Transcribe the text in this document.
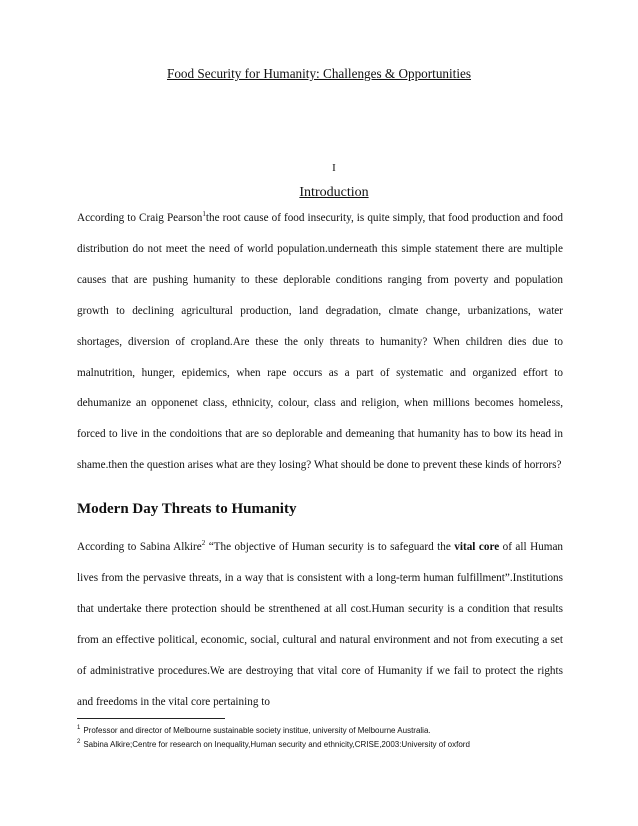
Food Security for Humanity: Challenges & Opportunities
I
Introduction

According to Craig Pearson$^1$the root cause of food insecurity, is quite simply, that food production and food distribution do not meet the need of world population.underneath this simple statement there are multiple causes that are pushing humanity to these deplorable conditions ranging from poverty and population growth to declining agricultural production, land degradation, clmate change, urbanizations, water shortages, diversion of cropland.Are these the only threats to humanity? When children dies due to malnutrition, hunger, epidemics, when rape occurs as a part of systematic and organized effort to dehumanize an opponenet class, ethnicity, colour, class and religion, when millions becomes homeless, forced to live in the condoitions that are so deplorable and demeaning that humanity has to bow its head in shame.then the question arises what are they losing? What should be done to prevent these kinds of horrors?

Modern Day Threats to Humanity

According to Sabina Alkire$^2$ “The objective of Human security is to safeguard the vital core of all Human lives from the pervasive threats, in a way that is consistent with a long-term human fulfillment”.Institutions that undertake there protection should be strenthened at all cost.Human security is a condition that results from an effective political, economic, social, cultural and natural environment and not from executing a set of administrative procedures.We are destroying that vital core of Humanity if we fail to protect the rights and freedoms in the vital core pertaining to

$^1$ Professor and director of Melbourne sustainable society institue, university of Melbourne Australia.
$^2$ Sabina Alkire;Centre for research on Inequality,Human security and ethnicity,CRISE,2003:University of oxford
